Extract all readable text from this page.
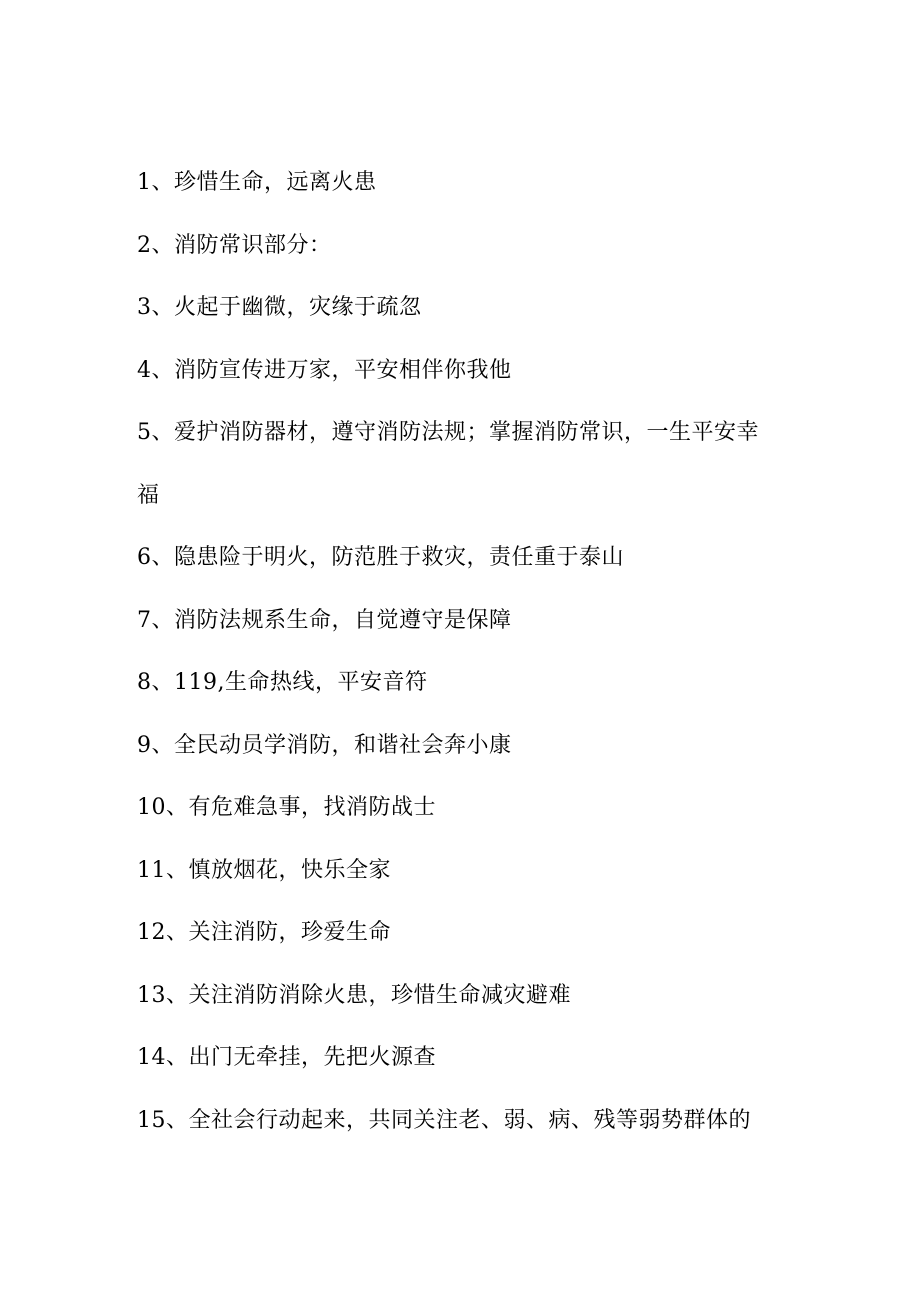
1、珍惜生命，远离火患
2、消防常识部分：
3、火起于幽微，灾缘于疏忽
4、消防宣传进万家，平安相伴你我他
5、爱护消防器材，遵守消防法规；掌握消防常识，一生平安幸
福
6、隐患险于明火，防范胜于救灾，责任重于泰山
7、消防法规系生命，自觉遵守是保障
8、119,生命热线，平安音符
9、全民动员学消防，和谐社会奔小康
10、有危难急事，找消防战士
11、慎放烟花，快乐全家
12、关注消防，珍爱生命
13、关注消防消除火患，珍惜生命减灾避难
14、出门无牵挂，先把火源查
15、全社会行动起来，共同关注老、弱、病、残等弱势群体的
